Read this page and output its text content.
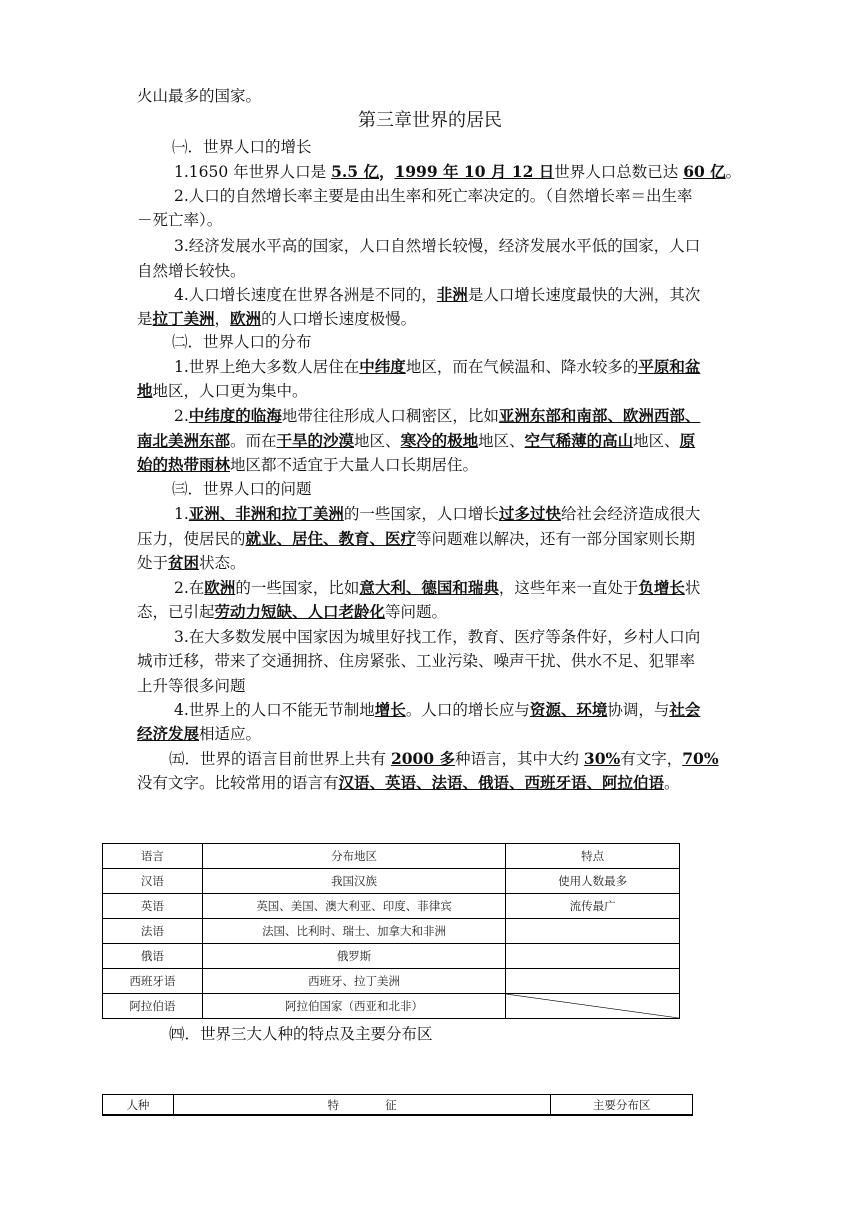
火山最多的国家。
第三章世界的居民
㈠．世界人口的增长
1.1650 年世界人口是 5.5 亿，1999 年 10 月 12 日世界人口总数已达 60 亿。
2.人口的自然增长率主要是由出生率和死亡率决定的。（自然增长率＝出生率
－死亡率）。
3.经济发展水平高的国家，人口自然增长较慢，经济发展水平低的国家，人口
自然增长较快。
4.人口增长速度在世界各洲是不同的，非洲是人口增长速度最快的大洲，其次
是拉丁美洲，欧洲的人口增长速度极慢。
㈡．世界人口的分布
1.世界上绝大多数人居住在中纬度地区，而在气候温和、降水较多的平原和盆
地地区，人口更为集中。
2.中纬度的临海地带往往形成人口稠密区，比如亚洲东部和南部、欧洲西部、
南北美洲东部。而在干旱的沙漠地区、寒冷的极地地区、空气稀薄的高山地区、原
始的热带雨林地区都不适宜于大量人口长期居住。
㈢．世界人口的问题
1.亚洲、非洲和拉丁美洲的一些国家，人口增长过多过快给社会经济造成很大
压力，使居民的就业、居住、教育、医疗等问题难以解决，还有一部分国家则长期
处于贫困状态。
2.在欧洲的一些国家，比如意大利、德国和瑞典，这些年来一直处于负增长状
态，已引起劳动力短缺、人口老龄化等问题。
3.在大多数发展中国家因为城里好找工作，教育、医疗等条件好，乡村人口向
城市迁移，带来了交通拥挤、住房紧张、工业污染、噪声干扰、供水不足、犯罪率
上升等很多问题
4.世界上的人口不能无节制地增长。人口的增长应与资源、环境协调，与社会
经济发展相适应。
㈤．世界的语言目前世界上共有 2000 多种语言，其中大约 30%有文字，70%
没有文字。比较常用的语言有汉语、英语、法语、俄语、西班牙语、阿拉伯语。
语言	分布地区	特点
汉语	我国汉族	使用人数最多
英语	英国、美国、澳大利亚、印度、菲律宾	流传最广
法语	法国、比利时、瑞士、加拿大和非洲	
俄语	俄罗斯	
西班牙语	西班牙、拉丁美洲	
阿拉伯语	阿拉伯国家（西亚和北非）	
㈣．世界三大人种的特点及主要分布区
人种	特　　　　征	主要分布区
